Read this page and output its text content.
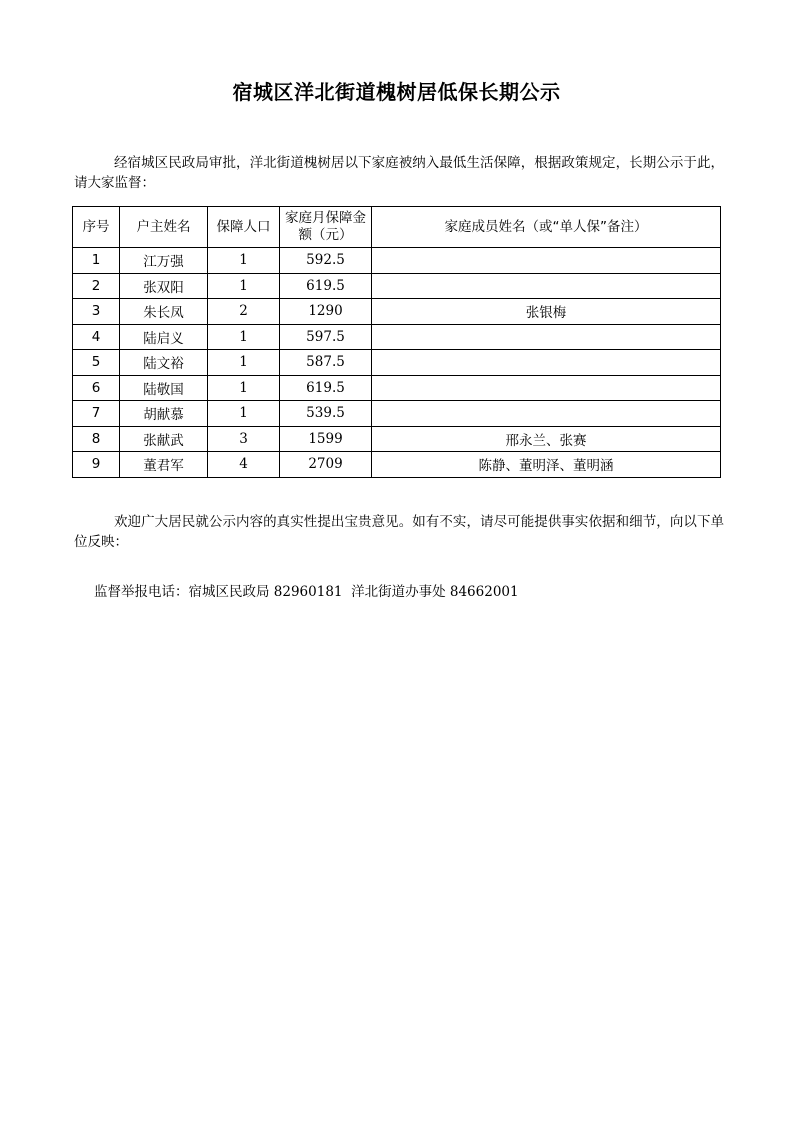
宿城区洋北街道槐树居低保长期公示
经宿城区民政局审批，洋北街道槐树居以下家庭被纳入最低生活保障，根据政策规定，长期公示于此，请大家监督：
序号	户主姓名	保障人口	家庭月保障金额（元）	家庭成员姓名（或“单人保”备注）
1	江万强	1	592.5	
2	张双阳	1	619.5	
3	朱长凤	2	1290	张银梅
4	陆启义	1	597.5	
5	陆文裕	1	587.5	
6	陆敬国	1	619.5	
7	胡献慕	1	539.5	
8	张献武	3	1599	邢永兰、张赛
9	董君军	4	2709	陈静、董明泽、董明涵
欢迎广大居民就公示内容的真实性提出宝贵意见。如有不实，请尽可能提供事实依据和细节，向以下单位反映：
监督举报电话：宿城区民政局 82960181  洋北街道办事处 84662001
